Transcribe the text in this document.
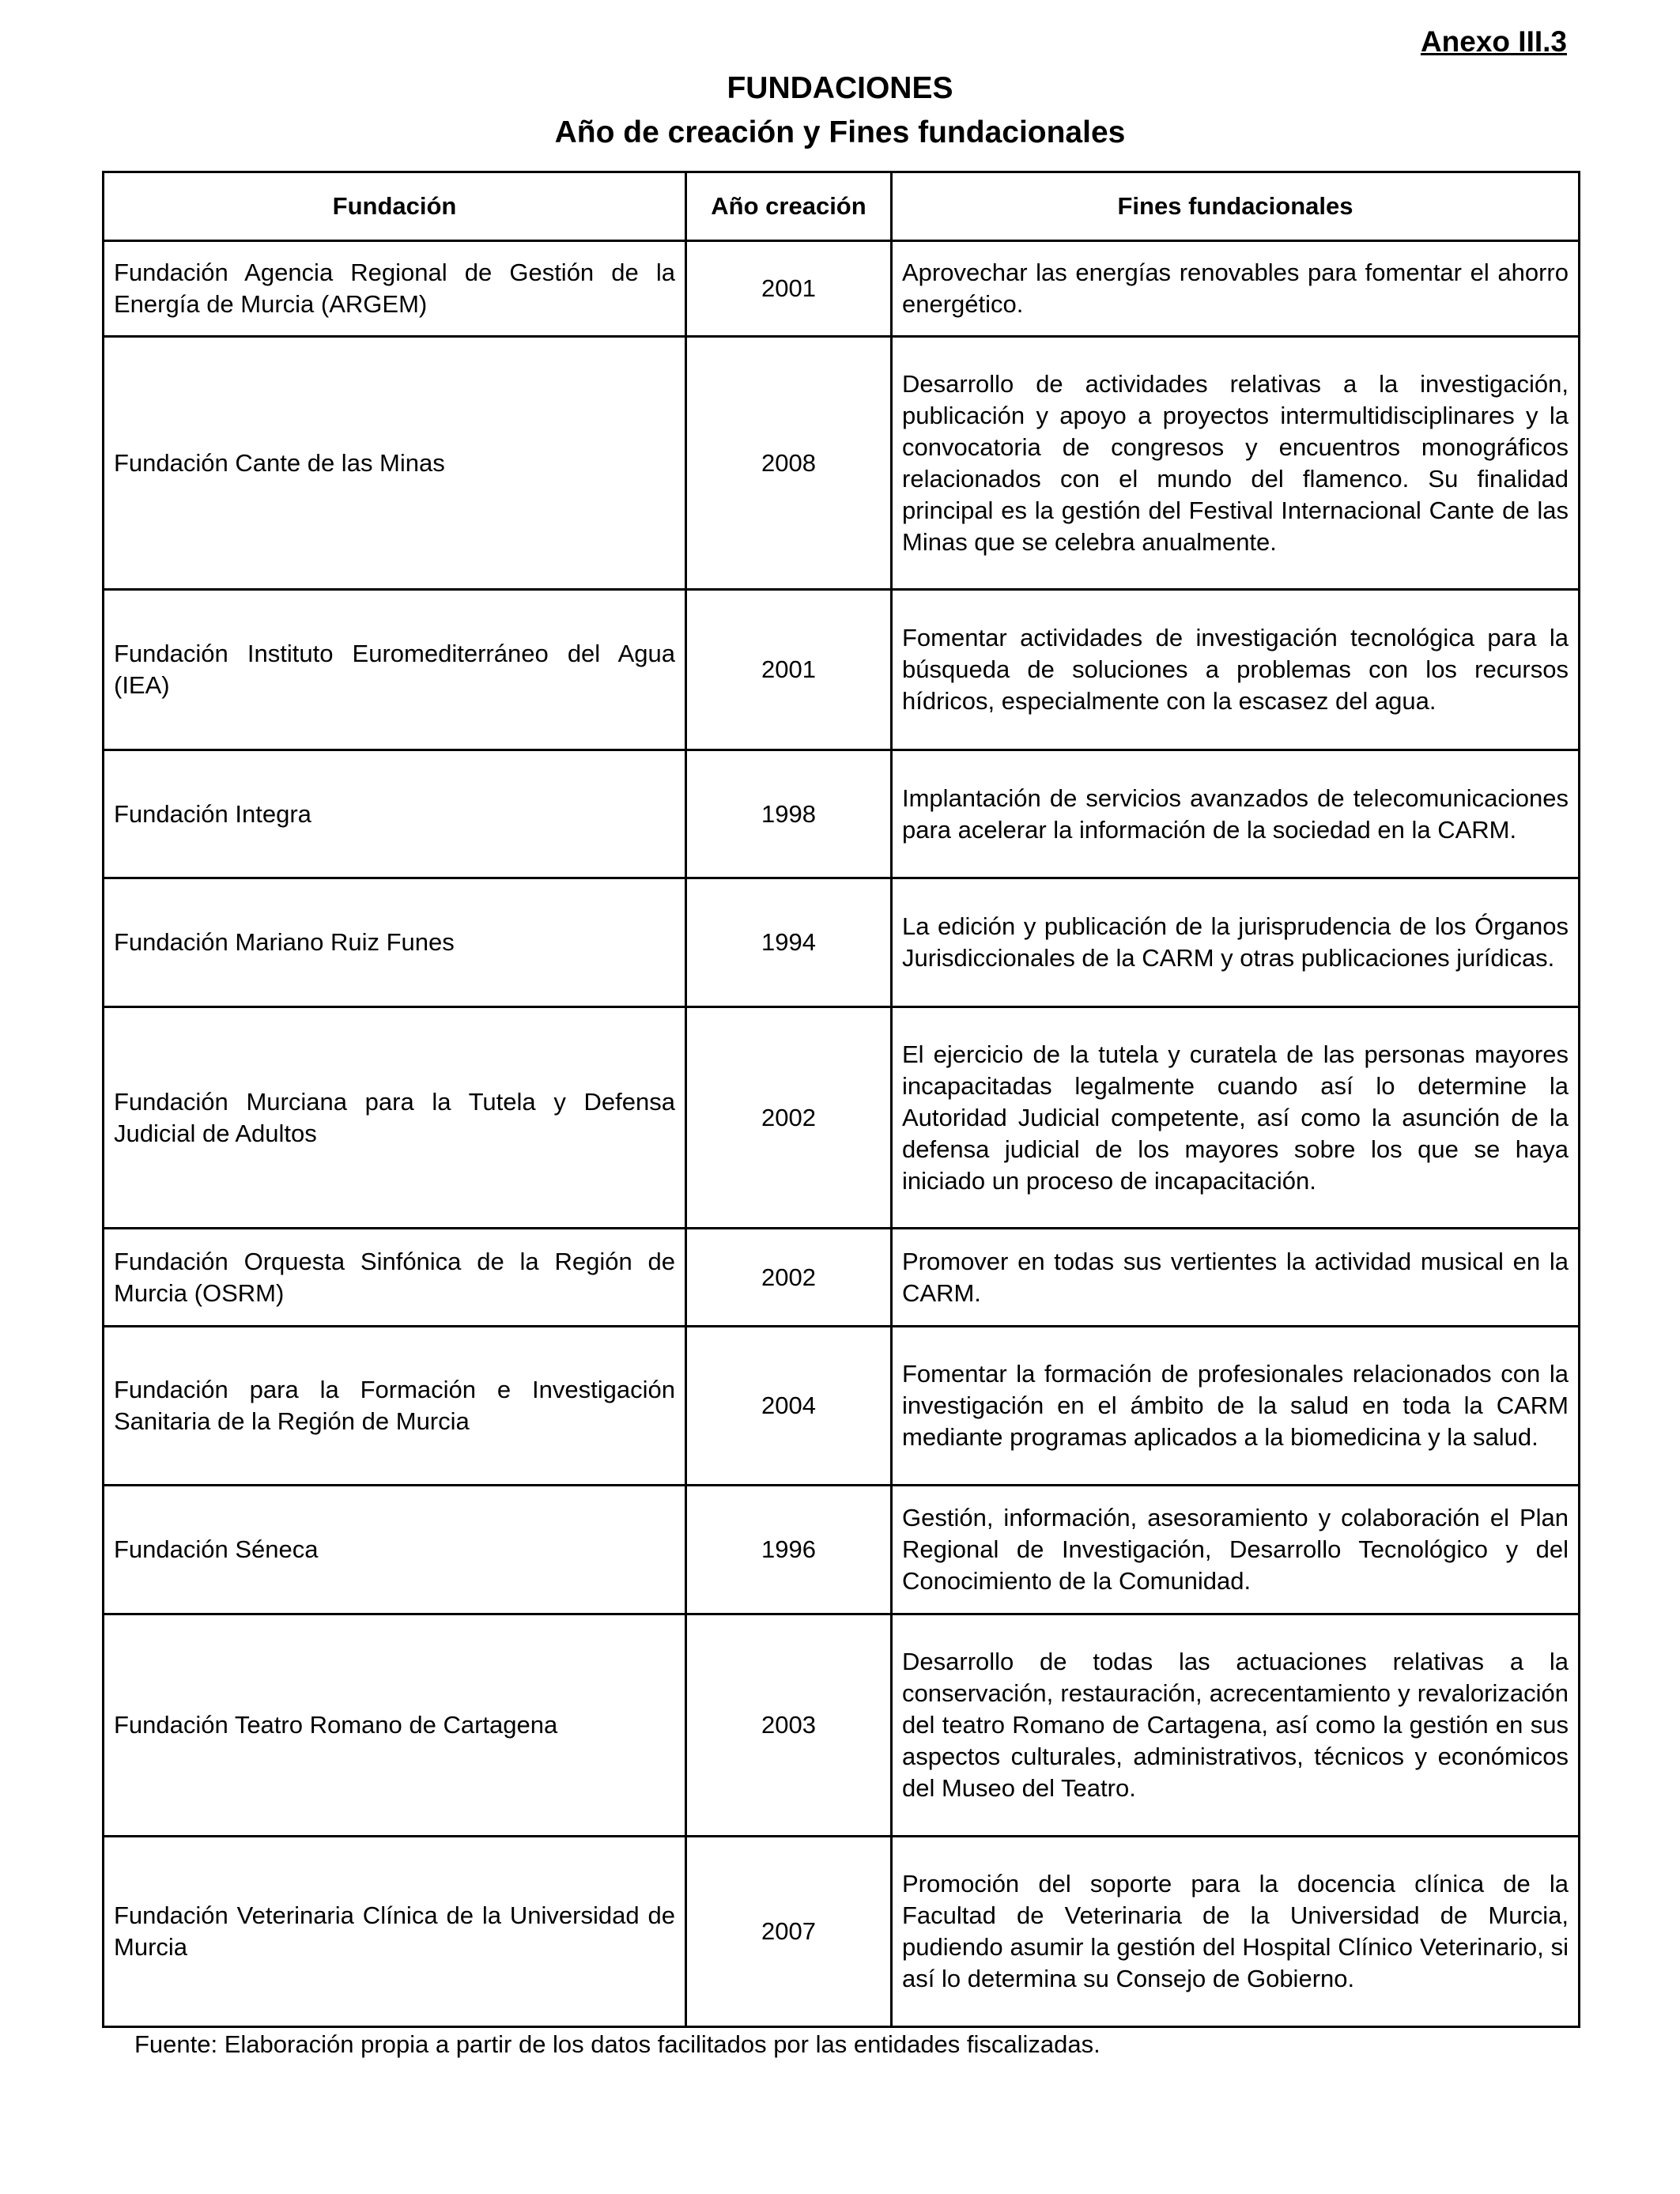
Anexo III.3
FUNDACIONES
Año de creación y Fines fundacionales
Fundación	Año creación	Fines fundacionales
Fundación Agencia Regional de Gestión de la Energía de Murcia (ARGEM)	2001	Aprovechar las energías renovables para fomentar el ahorro energético.
Fundación Cante de las Minas	2008	Desarrollo de actividades relativas a la investigación, publicación y apoyo a proyectos intermultidisciplinares y la convocatoria de congresos y encuentros monográficos relacionados con el mundo del flamenco. Su finalidad principal es la gestión del Festival Internacional Cante de las Minas que se celebra anualmente.
Fundación Instituto Euromediterráneo del Agua (IEA)	2001	Fomentar actividades de investigación tecnológica para la búsqueda de soluciones a problemas con los recursos hídricos, especialmente con la escasez del agua.
Fundación Integra	1998	Implantación de servicios avanzados de telecomunicaciones para acelerar la información de la sociedad en la CARM.
Fundación Mariano Ruiz Funes	1994	La edición y publicación de la jurisprudencia de los Órganos Jurisdiccionales de la CARM y otras publicaciones jurídicas.
Fundación Murciana para la Tutela y Defensa Judicial de Adultos	2002	El ejercicio de la tutela y curatela de las personas mayores incapacitadas legalmente cuando así lo determine la Autoridad Judicial competente, así como la asunción de la defensa judicial de los mayores sobre los que se haya iniciado un proceso de incapacitación.
Fundación Orquesta Sinfónica de la Región de Murcia (OSRM)	2002	Promover en todas sus vertientes la actividad musical en la CARM.
Fundación para la Formación e Investigación Sanitaria de la Región de Murcia	2004	Fomentar la formación de profesionales relacionados con la investigación en el ámbito de la salud en toda la CARM mediante programas aplicados a la biomedicina y la salud.
Fundación Séneca	1996	Gestión, información, asesoramiento y colaboración el Plan Regional de Investigación, Desarrollo Tecnológico y del Conocimiento de la Comunidad.
Fundación Teatro Romano de Cartagena	2003	Desarrollo de todas las actuaciones relativas a la conservación, restauración, acrecentamiento y revalorización del teatro Romano de Cartagena, así como la gestión en sus aspectos culturales, administrativos, técnicos y económicos del Museo del Teatro.
Fundación Veterinaria Clínica de la Universidad de Murcia	2007	Promoción del soporte para la docencia clínica de la Facultad de Veterinaria de la Universidad de Murcia, pudiendo asumir la gestión del Hospital Clínico Veterinario, si así lo determina su Consejo de Gobierno.
Fuente: Elaboración propia a partir de los datos facilitados por las entidades fiscalizadas.
